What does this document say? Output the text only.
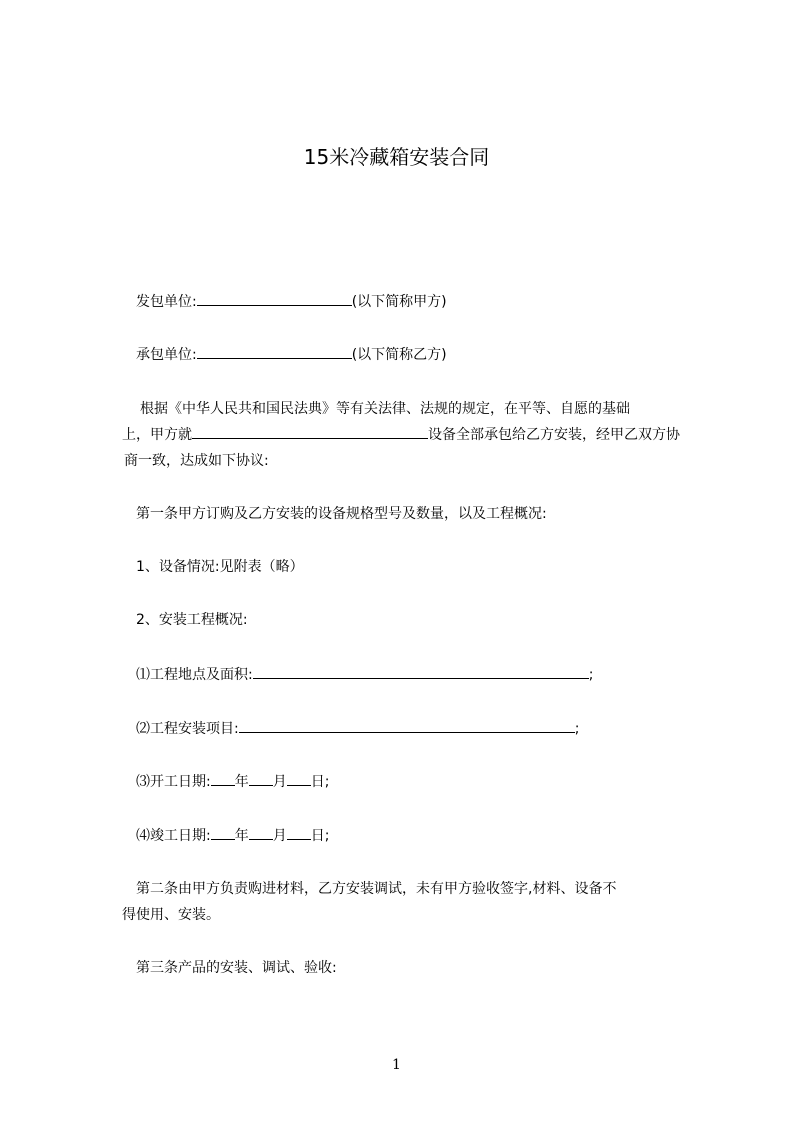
15米冷藏箱安装合同
发包单位:	(以下简称甲方)
承包单位:	(以下简称乙方)
根据《中华人民共和国民法典》等有关法律、法规的规定，在平等、自愿的基础
上，甲方就	设备全部承包给乙方安装，经甲乙双方协
商一致，达成如下协议:
第一条甲方订购及乙方安装的设备规格型号及数量，以及工程概况:
1、设备情况:见附表（略）
2、安装工程概况:
⑴工程地点及面积:	;
⑵工程安装项目:	;
⑶开工日期: 年 月 日;
⑷竣工日期: 年 月 日;
第二条由甲方负责购进材料，乙方安装调试，未有甲方验收签字,材料、设备不
得使用、安装。
第三条产品的安装、调试、验收:
1
